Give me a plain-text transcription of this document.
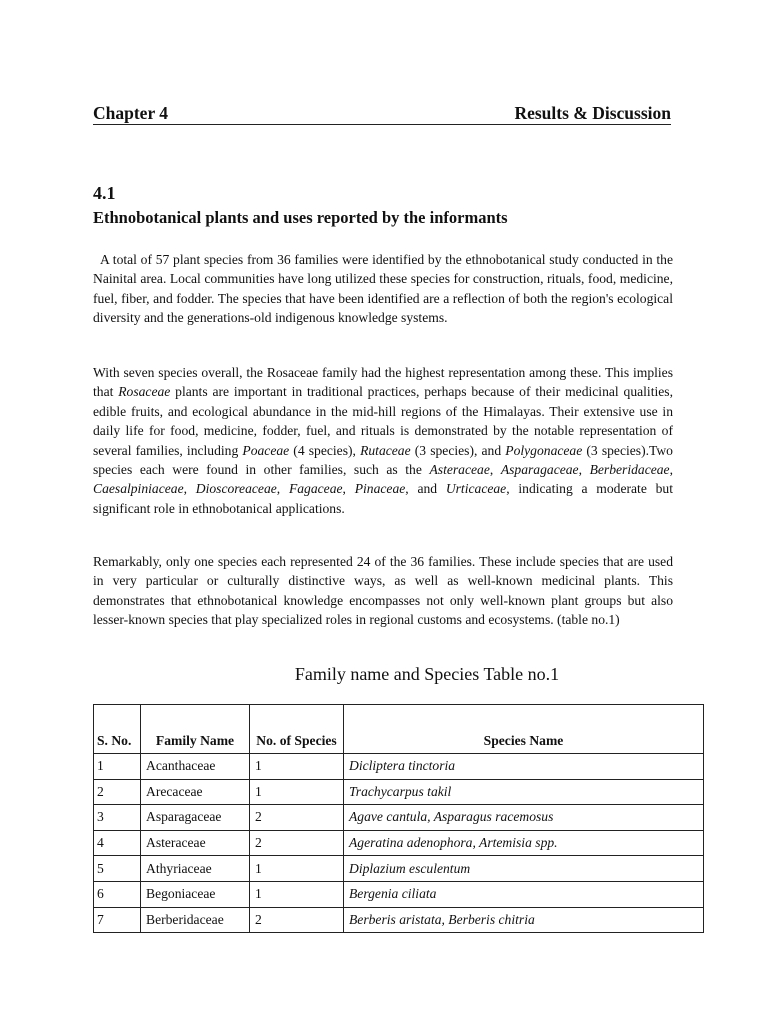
Chapter 4	Results & Discussion
4.1
Ethnobotanical plants and uses reported by the informants

A total of 57 plant species from 36 families were identified by the ethnobotanical study conducted in the Nainital area. Local communities have long utilized these species for construction, rituals, food, medicine, fuel, fiber, and fodder. The species that have been identified are a reflection of both the region's ecological diversity and the generations-old indigenous knowledge systems.

With seven species overall, the Rosaceae family had the highest representation among these. This implies that Rosaceae plants are important in traditional practices, perhaps because of their medicinal qualities, edible fruits, and ecological abundance in the mid-hill regions of the Himalayas. Their extensive use in daily life for food, medicine, fodder, fuel, and rituals is demonstrated by the notable representation of several families, including Poaceae (4 species), Rutaceae (3 species), and Polygonaceae (3 species).Two species each were found in other families, such as the Asteraceae, Asparagaceae, Berberidaceae, Caesalpiniaceae, Dioscoreaceae, Fagaceae, Pinaceae, and Urticaceae, indicating a moderate but significant role in ethnobotanical applications.

Remarkably, only one species each represented 24 of the 36 families. These include species that are used in very particular or culturally distinctive ways, as well as well-known medicinal plants. This demonstrates that ethnobotanical knowledge encompasses not only well-known plant groups but also lesser-known species that play specialized roles in regional customs and ecosystems. (table no.1)

Family name and Species Table no.1

S. No.	Family Name	No. of Species	Species Name
1	Acanthaceae	1	Dicliptera tinctoria
2	Arecaceae	1	Trachycarpus takil
3	Asparagaceae	2	Agave cantula, Asparagus racemosus
4	Asteraceae	2	Ageratina adenophora, Artemisia spp.
5	Athyriaceae	1	Diplazium esculentum
6	Begoniaceae	1	Bergenia ciliata
7	Berberidaceae	2	Berberis aristata, Berberis chitria
